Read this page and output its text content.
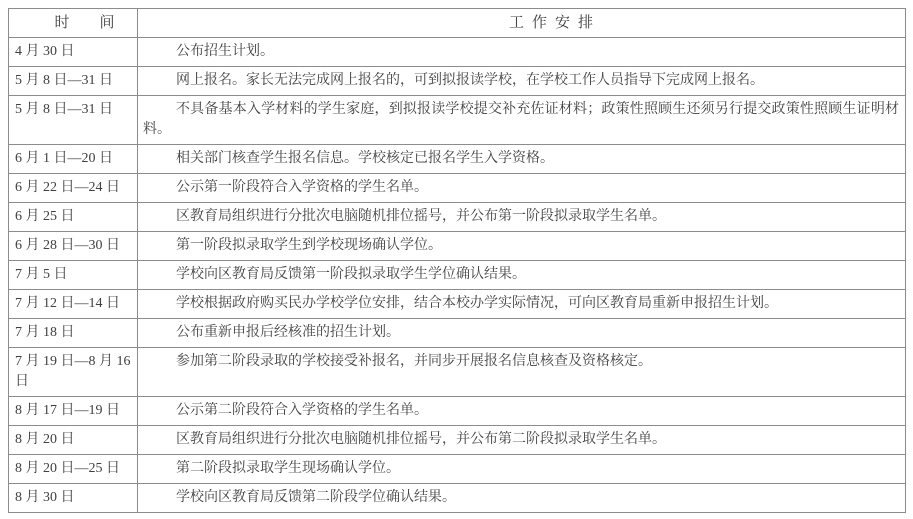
时　　间	工作安排
4 月 30 日	公布招生计划。

5 月 8 日—31 日	网上报名。家长无法完成网上报名的，可到拟报读学校，在学校工作人员指导下完成网上报名。

5 月 8 日—31 日	不具备基本入学材料的学生家庭，到拟报读学校提交补充佐证材料；政策性照顾生还须另行提交政策性照顾生证明材料。

6 月 1 日—20 日	相关部门核查学生报名信息。学校核定已报名学生入学资格。

6 月 22 日—24 日	公示第一阶段符合入学资格的学生名单。

6 月 25 日	区教育局组织进行分批次电脑随机排位摇号，并公布第一阶段拟录取学生名单。

6 月 28 日—30 日	第一阶段拟录取学生到学校现场确认学位。

7 月 5 日	学校向区教育局反馈第一阶段拟录取学生学位确认结果。

7 月 12 日—14 日	学校根据政府购买民办学校学位安排，结合本校办学实际情况，可向区教育局重新申报招生计划。

7 月 18 日	公布重新申报后经核准的招生计划。

7 月 19 日—8 月 16 日	参加第二阶段录取的学校接受补报名，并同步开展报名信息核查及资格核定。

8 月 17 日—19 日	公示第二阶段符合入学资格的学生名单。

8 月 20 日	区教育局组织进行分批次电脑随机排位摇号，并公布第二阶段拟录取学生名单。

8 月 20 日—25 日	第二阶段拟录取学生现场确认学位。

8 月 30 日	学校向区教育局反馈第二阶段学位确认结果。
